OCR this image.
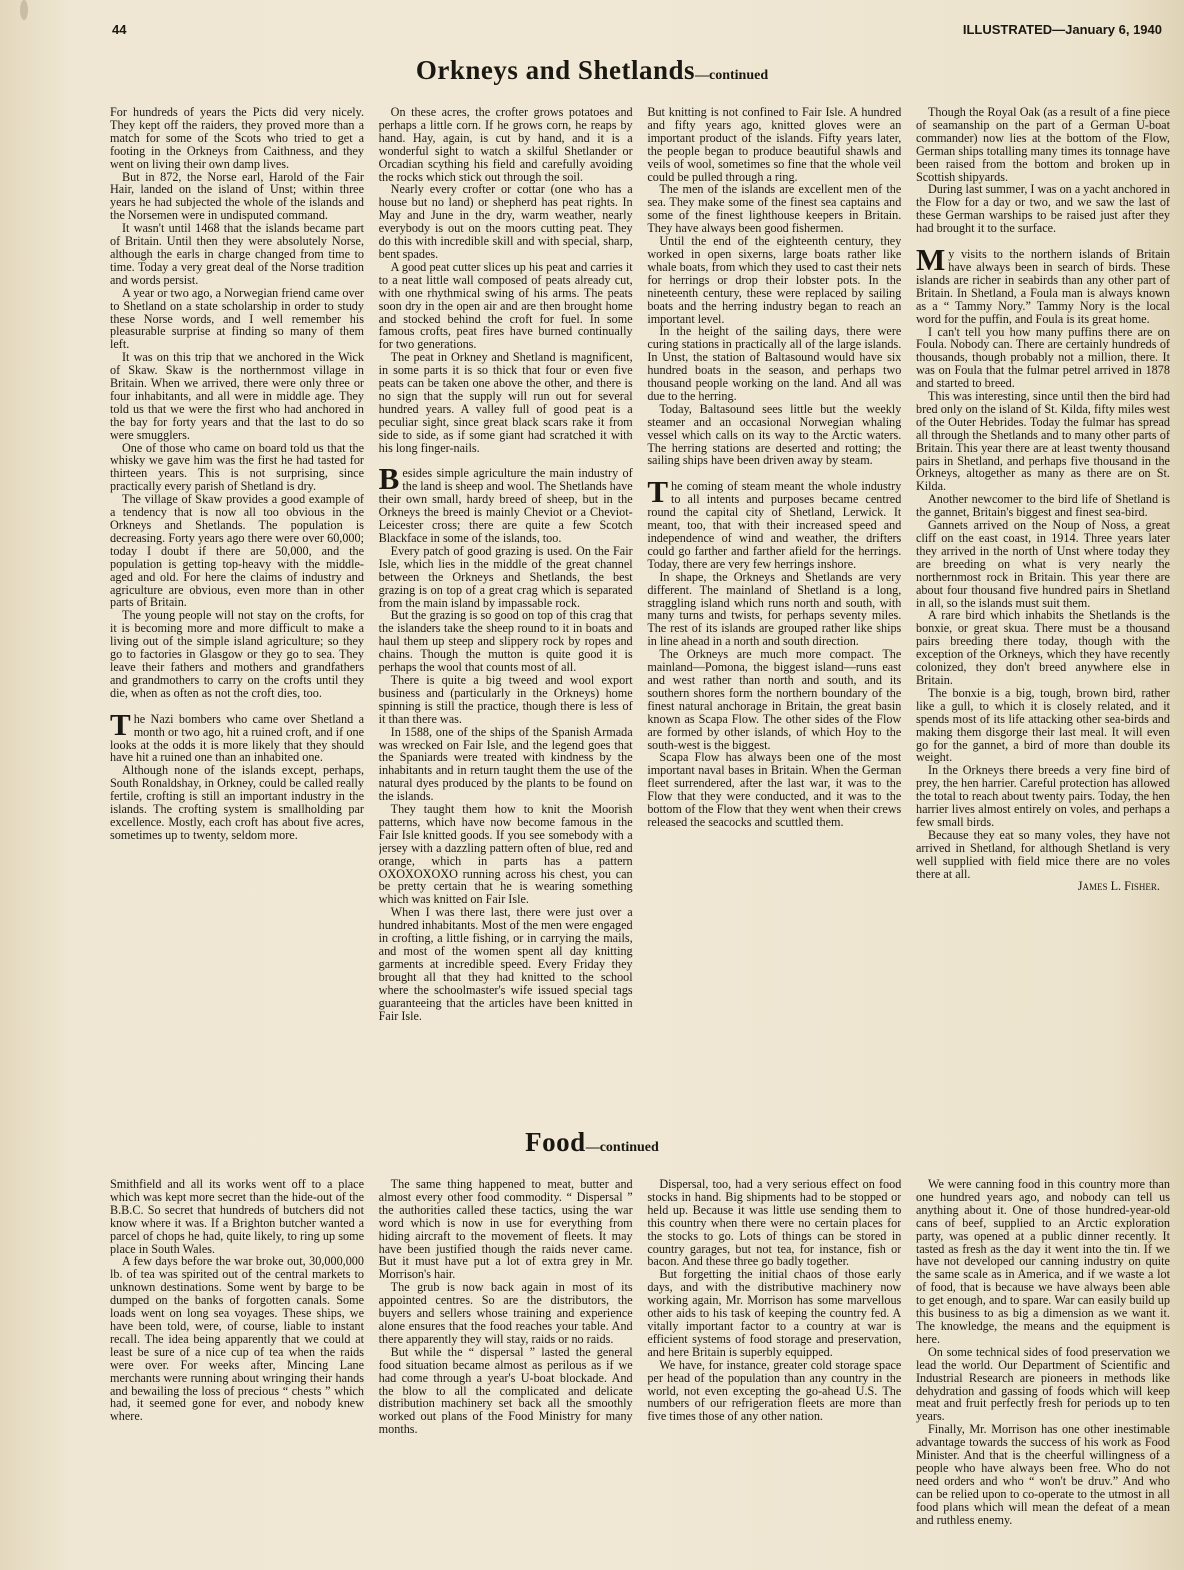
44	ILLUSTRATED—January 6, 1940
Orkneys and Shetlands—continued

For hundreds of years the Picts did very nicely. They kept off the raiders, they proved more than a match for some of the Scots who tried to get a footing in the Orkneys from Caithness, and they went on living their own damp lives.

But in 872, the Norse earl, Harold of the Fair Hair, landed on the island of Unst; within three years he had subjected the whole of the islands and the Norsemen were in undisputed command.

It wasn't until 1468 that the islands became part of Britain. Until then they were absolutely Norse, although the earls in charge changed from time to time. Today a very great deal of the Norse tradition and words persist.

A year or two ago, a Norwegian friend came over to Shetland on a state scholarship in order to study these Norse words, and I well remember his pleasurable surprise at finding so many of them left.

It was on this trip that we anchored in the Wick of Skaw. Skaw is the northernmost village in Britain. When we arrived, there were only three or four inhabitants, and all were in middle age. They told us that we were the first who had anchored in the bay for forty years and that the last to do so were smugglers.

One of those who came on board told us that the whisky we gave him was the first he had tasted for thirteen years. This is not surprising, since practically every parish of Shetland is dry.

The village of Skaw provides a good example of a tendency that is now all too obvious in the Orkneys and Shetlands. The population is decreasing. Forty years ago there were over 60,000; today I doubt if there are 50,000, and the population is getting top-heavy with the middle-aged and old. For here the claims of industry and agriculture are obvious, even more than in other parts of Britain.

The young people will not stay on the crofts, for it is becoming more and more difficult to make a living out of the simple island agriculture; so they go to factories in Glasgow or they go to sea. They leave their fathers and mothers and grandfathers and grandmothers to carry on the crofts until they die, when as often as not the croft dies, too.

The Nazi bombers who came over Shetland a month or two ago, hit a ruined croft, and if one looks at the odds it is more likely that they should have hit a ruined one than an inhabited one.

Although none of the islands except, perhaps, South Ronaldshay, in Orkney, could be called really fertile, crofting is still an important industry in the islands. The crofting system is smallholding par excellence. Mostly, each croft has about five acres, sometimes up to twenty, seldom more.

On these acres, the crofter grows potatoes and perhaps a little corn. If he grows corn, he reaps by hand. Hay, again, is cut by hand, and it is a wonderful sight to watch a skilful Shetlander or Orcadian scything his field and carefully avoiding the rocks which stick out through the soil.

Nearly every crofter or cottar (one who has a house but no land) or shepherd has peat rights. In May and June in the dry, warm weather, nearly everybody is out on the moors cutting peat. They do this with incredible skill and with special, sharp, bent spades.

A good peat cutter slices up his peat and carries it to a neat little wall composed of peats already cut, with one rhythmical swing of his arms. The peats soon dry in the open air and are then brought home and stocked behind the croft for fuel. In some famous crofts, peat fires have burned continually for two generations.

The peat in Orkney and Shetland is magnificent, in some parts it is so thick that four or even five peats can be taken one above the other, and there is no sign that the supply will run out for several hundred years. A valley full of good peat is a peculiar sight, since great black scars rake it from side to side, as if some giant had scratched it with his long finger-nails.

Besides simple agriculture the main industry of the land is sheep and wool. The Shetlands have their own small, hardy breed of sheep, but in the Orkneys the breed is mainly Cheviot or a Cheviot-Leicester cross; there are quite a few Scotch Blackface in some of the islands, too.

Every patch of good grazing is used. On the Fair Isle, which lies in the middle of the great channel between the Orkneys and Shetlands, the best grazing is on top of a great crag which is separated from the main island by impassable rock.

But the grazing is so good on top of this crag that the islanders take the sheep round to it in boats and haul them up steep and slippery rock by ropes and chains. Though the mutton is quite good it is perhaps the wool that counts most of all.

There is quite a big tweed and wool export business and (particularly in the Orkneys) home spinning is still the practice, though there is less of it than there was.

In 1588, one of the ships of the Spanish Armada was wrecked on Fair Isle, and the legend goes that the Spaniards were treated with kindness by the inhabitants and in return taught them the use of the natural dyes produced by the plants to be found on the islands.

They taught them how to knit the Moorish patterns, which have now become famous in the Fair Isle knitted goods. If you see somebody with a jersey with a dazzling pattern often of blue, red and orange, which in parts has a pattern OXOXOXOXO running across his chest, you can be pretty certain that he is wearing something which was knitted on Fair Isle.

When I was there last, there were just over a hundred inhabitants. Most of the men were engaged in crofting, a little fishing, or in carrying the mails, and most of the women spent all day knitting garments at incredible speed. Every Friday they brought all that they had knitted to the school where the schoolmaster's wife issued special tags guaranteeing that the articles have been knitted in Fair Isle.

But knitting is not confined to Fair Isle. A hundred and fifty years ago, knitted gloves were an important product of the islands. Fifty years later, the people began to produce beautiful shawls and veils of wool, sometimes so fine that the whole veil could be pulled through a ring.

The men of the islands are excellent men of the sea. They make some of the finest sea captains and some of the finest lighthouse keepers in Britain. They have always been good fishermen.

Until the end of the eighteenth century, they worked in open sixerns, large boats rather like whale boats, from which they used to cast their nets for herrings or drop their lobster pots. In the nineteenth century, these were replaced by sailing boats and the herring industry began to reach an important level.

In the height of the sailing days, there were curing stations in practically all of the large islands. In Unst, the station of Baltasound would have six hundred boats in the season, and perhaps two thousand people working on the land. And all was due to the herring.

Today, Baltasound sees little but the weekly steamer and an occasional Norwegian whaling vessel which calls on its way to the Arctic waters. The herring stations are deserted and rotting; the sailing ships have been driven away by steam.

The coming of steam meant the whole industry to all intents and purposes became centred round the capital city of Shetland, Lerwick. It meant, too, that with their increased speed and independence of wind and weather, the drifters could go farther and farther afield for the herrings. Today, there are very few herrings inshore.

In shape, the Orkneys and Shetlands are very different. The mainland of Shetland is a long, straggling island which runs north and south, with many turns and twists, for perhaps seventy miles. The rest of its islands are grouped rather like ships in line ahead in a north and south direction.

The Orkneys are much more compact. The mainland—Pomona, the biggest island—runs east and west rather than north and south, and its southern shores form the northern boundary of the finest natural anchorage in Britain, the great basin known as Scapa Flow. The other sides of the Flow are formed by other islands, of which Hoy to the south-west is the biggest.

Scapa Flow has always been one of the most important naval bases in Britain. When the German fleet surrendered, after the last war, it was to the Flow that they were conducted, and it was to the bottom of the Flow that they went when their crews released the seacocks and scuttled them.

Though the Royal Oak (as a result of a fine piece of seamanship on the part of a German U-boat commander) now lies at the bottom of the Flow, German ships totalling many times its tonnage have been raised from the bottom and broken up in Scottish shipyards.

During last summer, I was on a yacht anchored in the Flow for a day or two, and we saw the last of these German warships to be raised just after they had brought it to the surface.

My visits to the northern islands of Britain have always been in search of birds. These islands are richer in seabirds than any other part of Britain. In Shetland, a Foula man is always known as a “ Tammy Nory.” Tammy Nory is the local word for the puffin, and Foula is its great home.

I can't tell you how many puffins there are on Foula. Nobody can. There are certainly hundreds of thousands, though probably not a million, there. It was on Foula that the fulmar petrel arrived in 1878 and started to breed.

This was interesting, since until then the bird had bred only on the island of St. Kilda, fifty miles west of the Outer Hebrides. Today the fulmar has spread all through the Shetlands and to many other parts of Britain. This year there are at least twenty thousand pairs in Shetland, and perhaps five thousand in the Orkneys, altogether as many as there are on St. Kilda.

Another newcomer to the bird life of Shetland is the gannet, Britain's biggest and finest sea-bird.

Gannets arrived on the Noup of Noss, a great cliff on the east coast, in 1914. Three years later they arrived in the north of Unst where today they are breeding on what is very nearly the northernmost rock in Britain. This year there are about four thousand five hundred pairs in Shetland in all, so the islands must suit them.

A rare bird which inhabits the Shetlands is the bonxie, or great skua. There must be a thousand pairs breeding there today, though with the exception of the Orkneys, which they have recently colonized, they don't breed anywhere else in Britain.

The bonxie is a big, tough, brown bird, rather like a gull, to which it is closely related, and it spends most of its life attacking other sea-birds and making them disgorge their last meal. It will even go for the gannet, a bird of more than double its weight.

In the Orkneys there breeds a very fine bird of prey, the hen harrier. Careful protection has allowed the total to reach about twenty pairs. Today, the hen harrier lives almost entirely on voles, and perhaps a few small birds.

Because they eat so many voles, they have not arrived in Shetland, for although Shetland is very well supplied with field mice there are no voles there at all.

James L. Fisher.

Food—continued

Smithfield and all its works went off to a place which was kept more secret than the hide-out of the B.B.C. So secret that hundreds of butchers did not know where it was. If a Brighton butcher wanted a parcel of chops he had, quite likely, to ring up some place in South Wales.

A few days before the war broke out, 30,000,000 lb. of tea was spirited out of the central markets to unknown destinations. Some went by barge to be dumped on the banks of forgotten canals. Some loads went on long sea voyages. These ships, we have been told, were, of course, liable to instant recall. The idea being apparently that we could at least be sure of a nice cup of tea when the raids were over. For weeks after, Mincing Lane merchants were running about wringing their hands and bewailing the loss of precious “ chests ” which had, it seemed gone for ever, and nobody knew where.

The same thing happened to meat, butter and almost every other food commodity. “ Dispersal ” the authorities called these tactics, using the war word which is now in use for everything from hiding aircraft to the movement of fleets. It may have been justified though the raids never came. But it must have put a lot of extra grey in Mr. Morrison's hair.

The grub is now back again in most of its appointed centres. So are the distributors, the buyers and sellers whose training and experience alone ensures that the food reaches your table. And there apparently they will stay, raids or no raids.

But while the “ dispersal ” lasted the general food situation became almost as perilous as if we had come through a year's U-boat blockade. And the blow to all the complicated and delicate distribution machinery set back all the smoothly worked out plans of the Food Ministry for many months.

Dispersal, too, had a very serious effect on food stocks in hand. Big shipments had to be stopped or held up. Because it was little use sending them to this country when there were no certain places for the stocks to go. Lots of things can be stored in country garages, but not tea, for instance, fish or bacon. And these three go badly together.

But forgetting the initial chaos of those early days, and with the distributive machinery now working again, Mr. Morrison has some marvellous other aids to his task of keeping the country fed. A vitally important factor to a country at war is efficient systems of food storage and preservation, and here Britain is superbly equipped.

We have, for instance, greater cold storage space per head of the population than any country in the world, not even excepting the go-ahead U.S. The numbers of our refrigeration fleets are more than five times those of any other nation.

We were canning food in this country more than one hundred years ago, and nobody can tell us anything about it. One of those hundred-year-old cans of beef, supplied to an Arctic exploration party, was opened at a public dinner recently. It tasted as fresh as the day it went into the tin. If we have not developed our canning industry on quite the same scale as in America, and if we waste a lot of food, that is because we have always been able to get enough, and to spare. War can easily build up this business to as big a dimension as we want it. The knowledge, the means and the equipment is here.

On some technical sides of food preservation we lead the world. Our Department of Scientific and Industrial Research are pioneers in methods like dehydration and gassing of foods which will keep meat and fruit perfectly fresh for periods up to ten years.

Finally, Mr. Morrison has one other inestimable advantage towards the success of his work as Food Minister. And that is the cheerful willingness of a people who have always been free. Who do not need orders and who “ won't be druv.” And who can be relied upon to co-operate to the utmost in all food plans which will mean the defeat of a mean and ruthless enemy.
